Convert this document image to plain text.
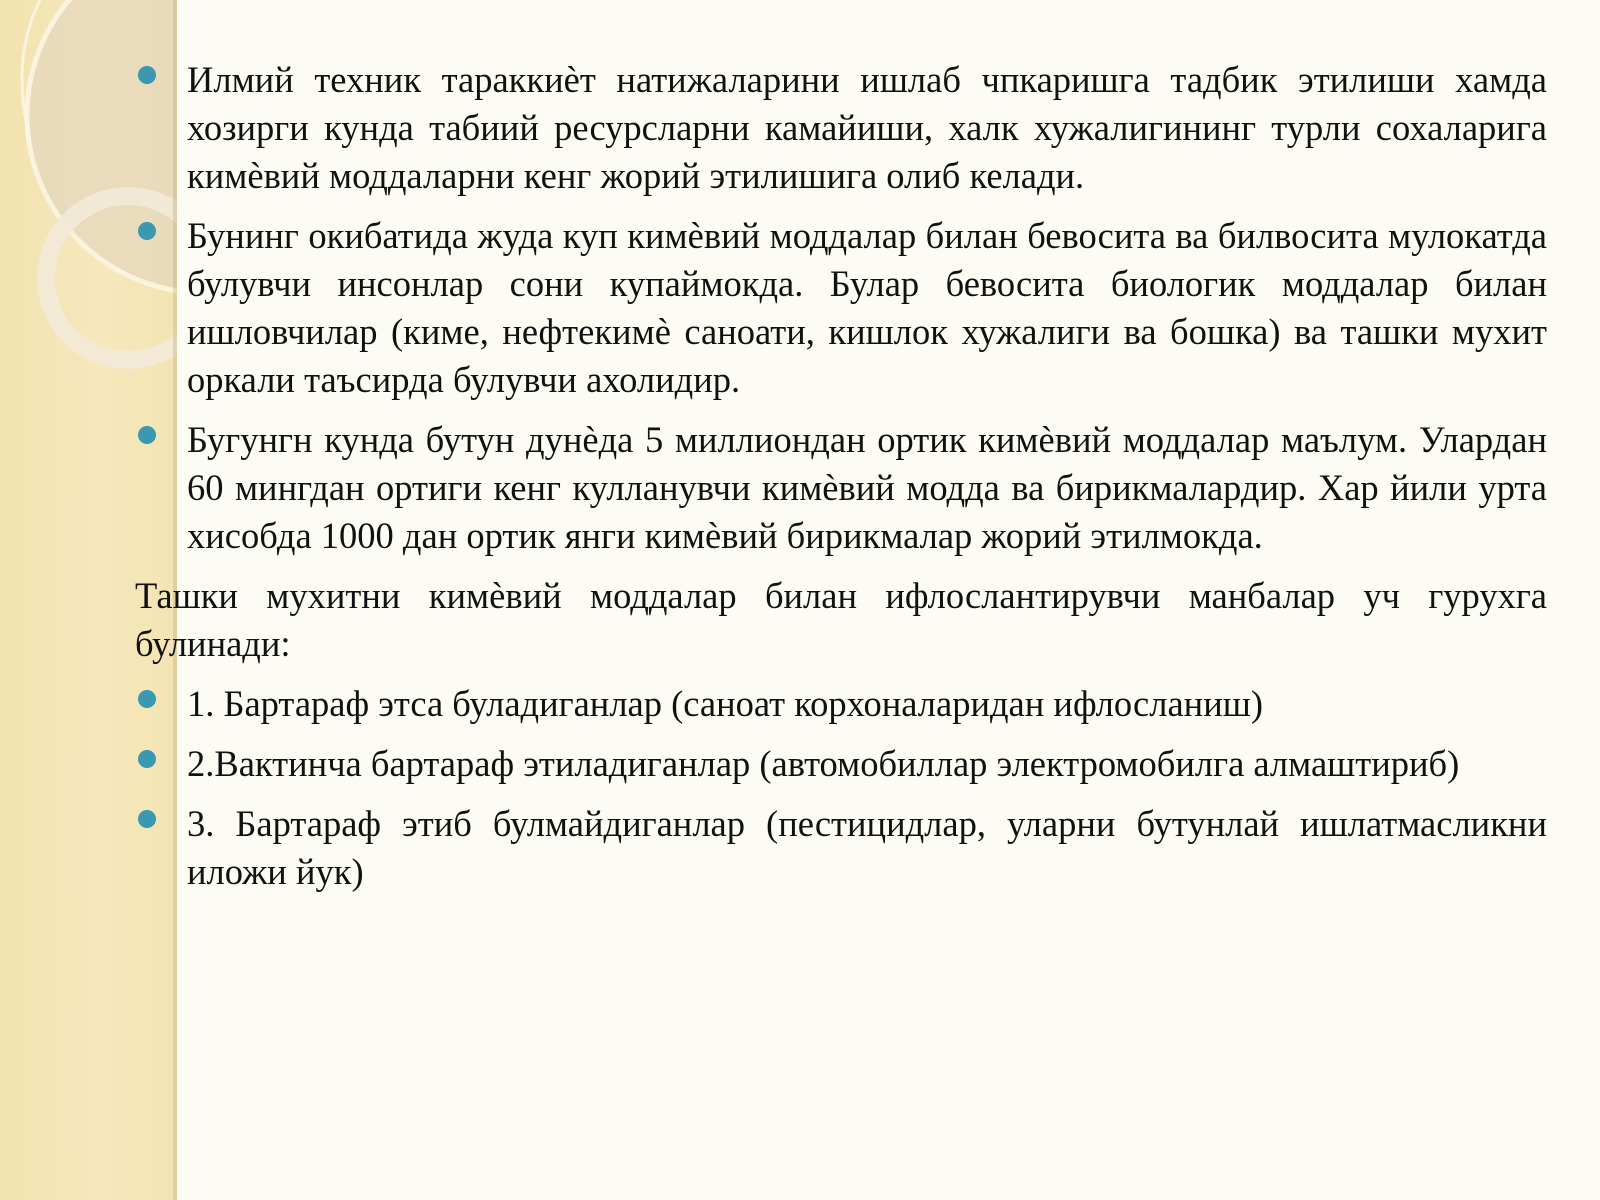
Илмий техник тараккиѐт натижаларини ишлаб чпкаришга тадбик этилиши хамда хозирги кунда табиий ресурсларни камайиши, халк хужалигининг турли сохаларига кимѐвий моддаларни кенг жорий этилишига олиб келади.
Бунинг окибатида жуда куп кимѐвий моддалар билан бевосита ва билвосита мулокатда булувчи инсонлар сони купаймокда. Булар бевосита биологик моддалар билан ишловчилар (киме, нефтекимѐ саноати, кишлок хужалиги ва бошка) ва ташки мухит оркали таъсирда булувчи ахолидир.
Бугунгн кунда бутун дунѐда 5 миллиондан ортик кимѐвий моддалар маълум. Улардан 60 мингдан ортиги кенг кулланувчи кимѐвий модда ва бирикмалардир. Хар йили урта хисобда 1000 дан ортик янги кимѐвий бирикмалар жорий этилмокда.

Ташки мухитни кимѐвий моддалар билан ифлослантирувчи манбалар уч гурухга булинади:

1. Бартараф этса буладиганлар (саноат корхоналаридан ифлосланиш)
2.Вактинча бартараф этиладиганлар (автомобиллар электромобилга алмаштириб)
3. Бартараф этиб булмайдиганлар (пестицидлар, уларни бутунлай ишлатмасликни иложи йук)
